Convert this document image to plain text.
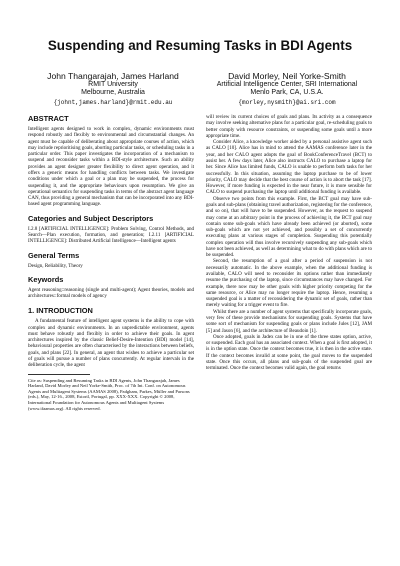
Suspending and Resuming Tasks in BDI Agents
John Thangarajah, James Harland
RMIT University
Melbourne, Australia
{johnt,james.harland}@rmit.edu.au
David Morley, Neil Yorke-Smith
Artificial Intelligence Center, SRI International
Menlo Park, CA, U.S.A.
{morley,nysmith}@ai.sri.com
ABSTRACT

Intelligent agents designed to work in complex, dynamic environments must respond robustly and flexibly to environmental and circumstantial changes. An agent must be capable of deliberating about appropriate courses of action, which may include reprioritising goals, aborting particular tasks, or scheduling tasks in a particular order. This paper investigates the incorporation of a mechanism to suspend and reconsider tasks within a BDI-style architecture. Such an ability provides an agent designer greater flexibility to direct agent operation, and it offers a generic means for handling conflicts between tasks. We investigate conditions under which a goal or a plan may be suspended, the process for suspending it, and the appropriate behaviours upon resumption. We give an operational semantics for suspending tasks in terms of the abstract agent language CAN, thus providing a general mechanism that can be incorporated into any BDI-based agent programming language.

Categories and Subject Descriptors

I.2.8 [ARTIFICIAL INTELLIGENCE]: Problem Solving, Control Methods, and Search—Plan execution, formation, and generation; I.2.11 [ARTIFICIAL INTELLIGENCE]: Distributed Artificial Intelligence—Intelligent agents

General Terms

Design, Reliability, Theory

Keywords

Agent reasoning::reasoning (single and multi-agent); Agent theories, models and architectures::formal models of agency

1. INTRODUCTION

A fundamental feature of intelligent agent systems is the ability to cope with complex and dynamic environments. In an unpredictable environment, agents must behave robustly and flexibly in order to achieve their goals. In agent architectures inspired by the classic Belief-Desire-Intention (BDI) model [14], behavioural properties are often characterised by the interactions between beliefs, goals, and plans [22]. In general, an agent that wishes to achieve a particular set of goals will pursue a number of plans concurrently. At regular intervals in the deliberation cycle, the agent

Cite as: Suspending and Resuming Tasks in BDI Agents, John Thangarajah, James Harland, David Morley and Neil Yorke-Smith, Proc. of 7th Int. Conf. on Autonomous Agents and Multiagent Systems (AAMAS 2008), Padgham, Parkes, Müller and Parsons (eds.), May, 12-16., 2008, Estoril, Portugal, pp. XXX-XXX. Copyright © 2008, International Foundation for Autonomous Agents and Multiagent Systems (www.ifaamas.org). All rights reserved.

will review its current choices of goals and plans. Its activity as a consequence may involve seeking alternative plans for a particular goal, re-scheduling goals to better comply with resource constraints, or suspending some goals until a more appropriate time.

Consider Alice, a knowledge worker aided by a personal assistive agent such as CALO [10]. Alice has in mind to attend the AAMAS conference later in the year, and her CALO agent adopts the goal of BookConferenceTravel (BCT) to assist her. A few days later, Alice also instructs CALO to purchase a laptop for her. Since Alice has limited funds, CALO is unable to perform both tasks for her successfully. In this situation, assuming the laptop purchase to be of lower priority, CALO may decide that the best course of action is to abort the task [17]. However, if more funding is expected in the near future, it is more sensible for CALO to suspend purchasing the laptop until additional funding is available.

Observe two points from this example. First, the BCT goal may have sub-goals and sub-plans (obtaining travel authorization, registering for the conference, and so on), that will have to be suspended. However, as the request to suspend may come at an arbitrary point in the process of achieving it, the BCT goal may contain some sub-goals which have already been achieved (or aborted), some sub-goals which are not yet achieved, and possibly a set of concurrently executing plans at various stages of completion. Suspending this potentially complex operation will thus involve recursively suspending any sub-goals which have not been achieved, as well as determining what to do with plans which are to be suspended.

Second, the resumption of a goal after a period of suspension is not necessarily automatic. In the above example, when the additional funding is available, CALO will need to reconsider its options rather than immediately resume the purchasing of the laptop, since circumstances may have changed. For example, there now may be other goals with higher priority competing for the same resource, or Alice may no longer require the laptop. Hence, resuming a suspended goal is a matter of reconsidering the dynamic set of goals, rather than merely waiting for a trigger event to fire.

Whilst there are a number of agent systems that specifically incorporate goals, very few of these provide mechanisms for suspending goals. Systems that have some sort of mechanism for suspending goals or plans include Jules [12], JAM [5] and Jason [6], and the architecture of Beaudoin [1].

Once adopted, goals in Jadex can be in one of the three states option, active, or suspended. Each goal has an associated context. When a goal is first adopted, it is in the option state. Once the context becomes true, it is then in the active state. If the context becomes invalid at some point, the goal moves to the suspended state. Once this occurs, all plans and sub-goals of the suspended goal are terminated. Once the context becomes valid again, the goal returns
